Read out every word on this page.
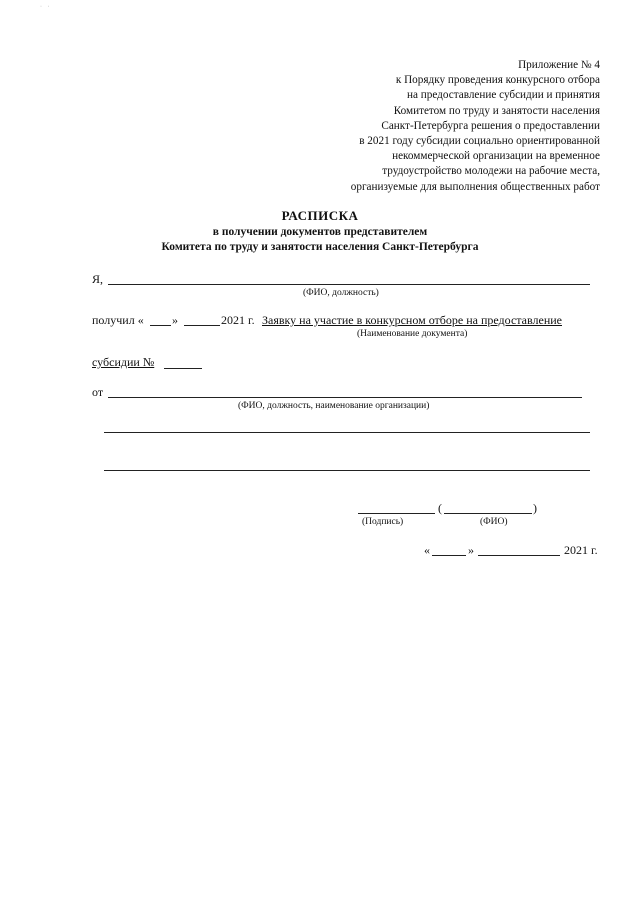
· ·
Приложение № 4
к Порядку проведения конкурсного отбора
на предоставление субсидии и принятия
Комитетом по труду и занятости населения
Санкт-Петербурга решения о предоставлении
в 2021 году субсидии социально ориентированной
некоммерческой организации на временное
трудоустройство молодежи на рабочие места,
организуемые для выполнения общественных работ
РАСПИСКА
в получении документов представителем
Комитета по труду и занятости населения Санкт-Петербурга
Я,
(ФИО, должность)
получил « »	2021 г. Заявку на участие в конкурсном отборе на предоставление
(Наименование документа)
субсидии №
от
(ФИО, должность, наименование организации)
(	)
(Подпись)	(ФИО)
«	»	2021 г.
